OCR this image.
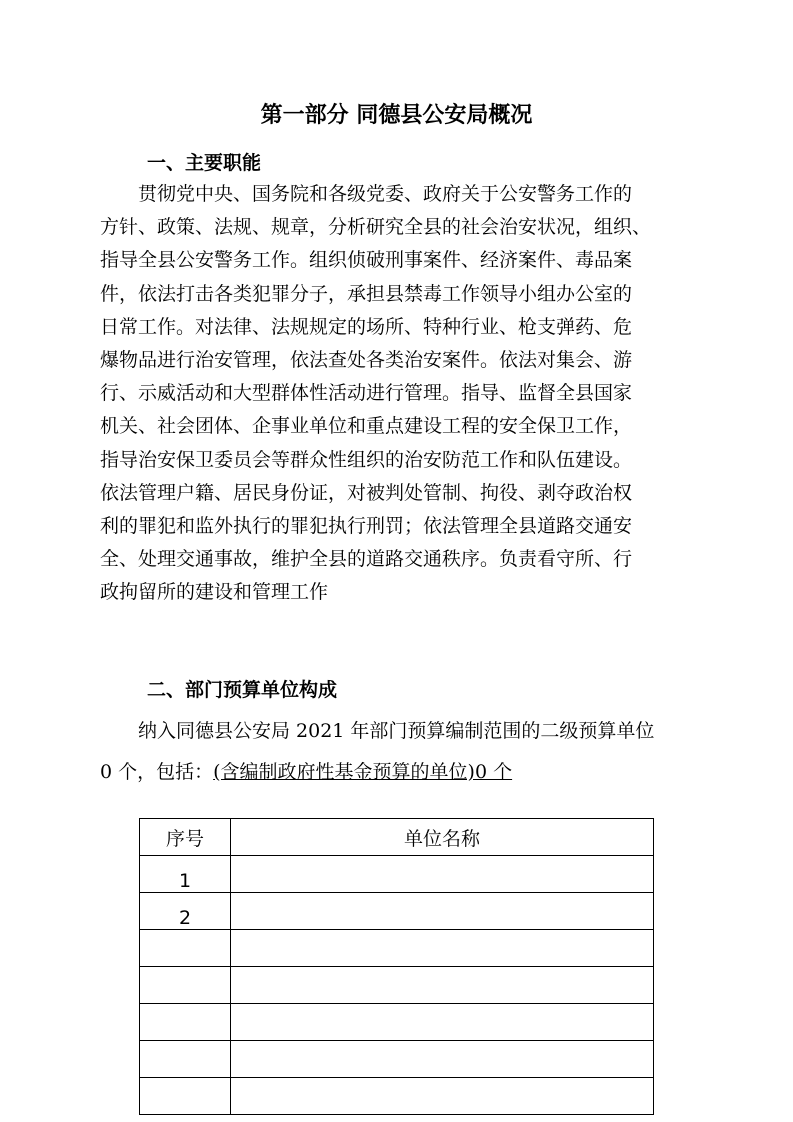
第一部分 同德县公安局概况
一、主要职能
　　贯彻党中央、国务院和各级党委、政府关于公安警务工作的
方针、政策、法规、规章，分析研究全县的社会治安状况，组织、
指导全县公安警务工作。组织侦破刑事案件、经济案件、毒品案
件，依法打击各类犯罪分子，承担县禁毒工作领导小组办公室的
日常工作。对法律、法规规定的场所、特种行业、枪支弹药、危
爆物品进行治安管理，依法查处各类治安案件。依法对集会、游
行、示威活动和大型群体性活动进行管理。指导、监督全县国家
机关、社会团体、企事业单位和重点建设工程的安全保卫工作，
指导治安保卫委员会等群众性组织的治安防范工作和队伍建设。
依法管理户籍、居民身份证，对被判处管制、拘役、剥夺政治权
利的罪犯和监外执行的罪犯执行刑罚；依法管理全县道路交通安
全、处理交通事故，维护全县的道路交通秩序。负责看守所、行
政拘留所的建设和管理工作
二、部门预算单位构成
　　纳入同德县公安局 2021 年部门预算编制范围的二级预算单位
0 个，包括：(含编制政府性基金预算的单位)0 个
序号	单位名称
1	
2	
